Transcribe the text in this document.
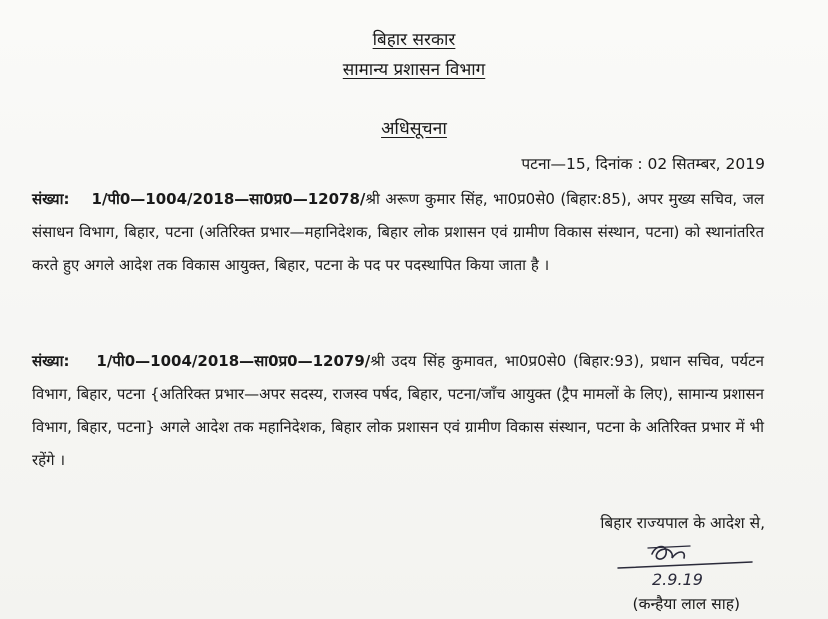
बिहार सरकार
सामान्य प्रशासन विभाग
अधिसूचना
पटना—15, दिनांक : 02 सितम्बर, 2019
संख्या: 1/पी0—1004/2018—सा0प्र0—12078/श्री अरूण कुमार सिंह, भा0प्र0से0 (बिहार:85), अपर मुख्य सचिव, जल संसाधन विभाग, बिहार, पटना (अतिरिक्त प्रभार—महानिदेशक, बिहार लोक प्रशासन एवं ग्रामीण विकास संस्थान, पटना) को स्थानांतरित करते हुए अगले आदेश तक विकास आयुक्त, बिहार, पटना के पद पर पदस्थापित किया जाता है ।
संख्या: 1/पी0—1004/2018—सा0प्र0—12079/श्री उदय सिंह कुमावत, भा0प्र0से0 (बिहार:93), प्रधान सचिव, पर्यटन विभाग, बिहार, पटना {अतिरिक्त प्रभार—अपर सदस्य, राजस्व पर्षद, बिहार, पटना/जाँच आयुक्त (ट्रैप मामलों के लिए), सामान्य प्रशासन विभाग, बिहार, पटना} अगले आदेश तक महानिदेशक, बिहार लोक प्रशासन एवं ग्रामीण विकास संस्थान, पटना के अतिरिक्त प्रभार में भी रहेंगे ।
बिहार राज्यपाल के आदेश से,
2.9.19
(कन्हैया लाल साह)
